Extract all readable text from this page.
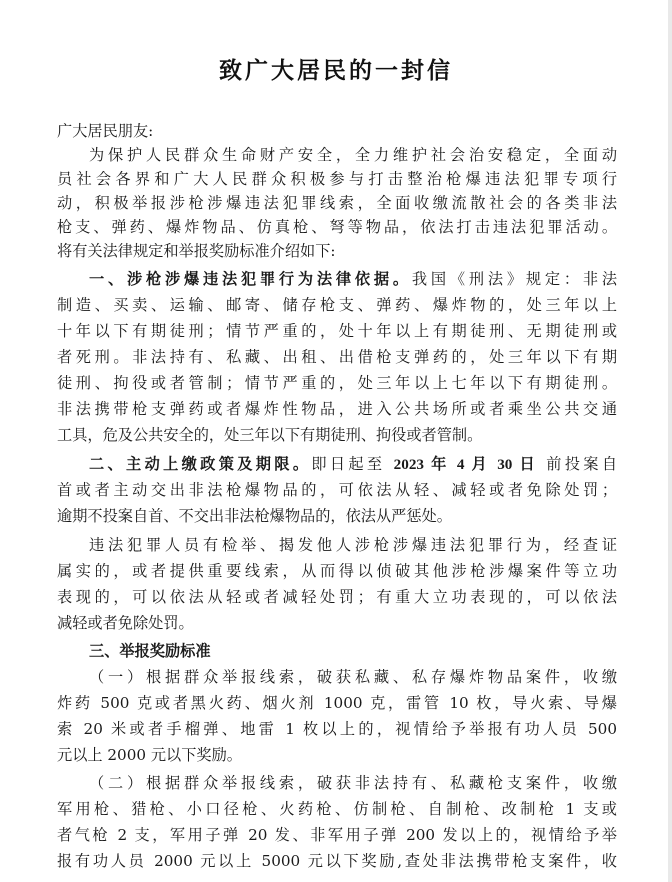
致广大居民的一封信
广大居民朋友:
为保护人民群众生命财产安全，全力维护社会治安稳定，全面动
员社会各界和广大人民群众积极参与打击整治枪爆违法犯罪专项行
动，积极举报涉枪涉爆违法犯罪线索，全面收缴流散社会的各类非法
枪支、弹药、爆炸物品、仿真枪、弩等物品，依法打击违法犯罪活动。
将有关法律规定和举报奖励标准介绍如下:
一、涉枪涉爆违法犯罪行为法律依据。我国《刑法》规定：非法
制造、买卖、运输、邮寄、储存枪支、弹药、爆炸物的，处三年以上
十年以下有期徒刑；情节严重的，处十年以上有期徒刑、无期徒刑或
者死刑。非法持有、私藏、出租、出借枪支弹药的，处三年以下有期
徒刑、拘役或者管制；情节严重的，处三年以上七年以下有期徒刑。
非法携带枪支弹药或者爆炸性物品，进入公共场所或者乘坐公共交通
工具，危及公共安全的，处三年以下有期徒刑、拘役或者管制。
二、主动上缴政策及期限。即日起至 2023 年 4 月 30 日 前投案自
首或者主动交出非法枪爆物品的，可依法从轻、减轻或者免除处罚；
逾期不投案自首、不交出非法枪爆物品的，依法从严惩处。
违法犯罪人员有检举、揭发他人涉枪涉爆违法犯罪行为，经查证
属实的，或者提供重要线索，从而得以侦破其他涉枪涉爆案件等立功
表现的，可以依法从轻或者减轻处罚；有重大立功表现的，可以依法
减轻或者免除处罚。
三、举报奖励标准
（一）根据群众举报线索，破获私藏、私存爆炸物品案件，收缴
炸药 500 克或者黑火药、烟火剂 1000 克，雷管 10 枚，导火索、导爆
索 20 米或者手榴弹、地雷 1 枚以上的，视情给予举报有功人员 500
元以上 2000 元以下奖励。
（二）根据群众举报线索，破获非法持有、私藏枪支案件，收缴
军用枪、猎枪、小口径枪、火药枪、仿制枪、自制枪、改制枪 1 支或
者气枪 2 支，军用子弹 20 发、非军用子弹 200 发以上的，视情给予举
报有功人员 2000 元以上 5000 元以下奖励,查处非法携带枪支案件，收
